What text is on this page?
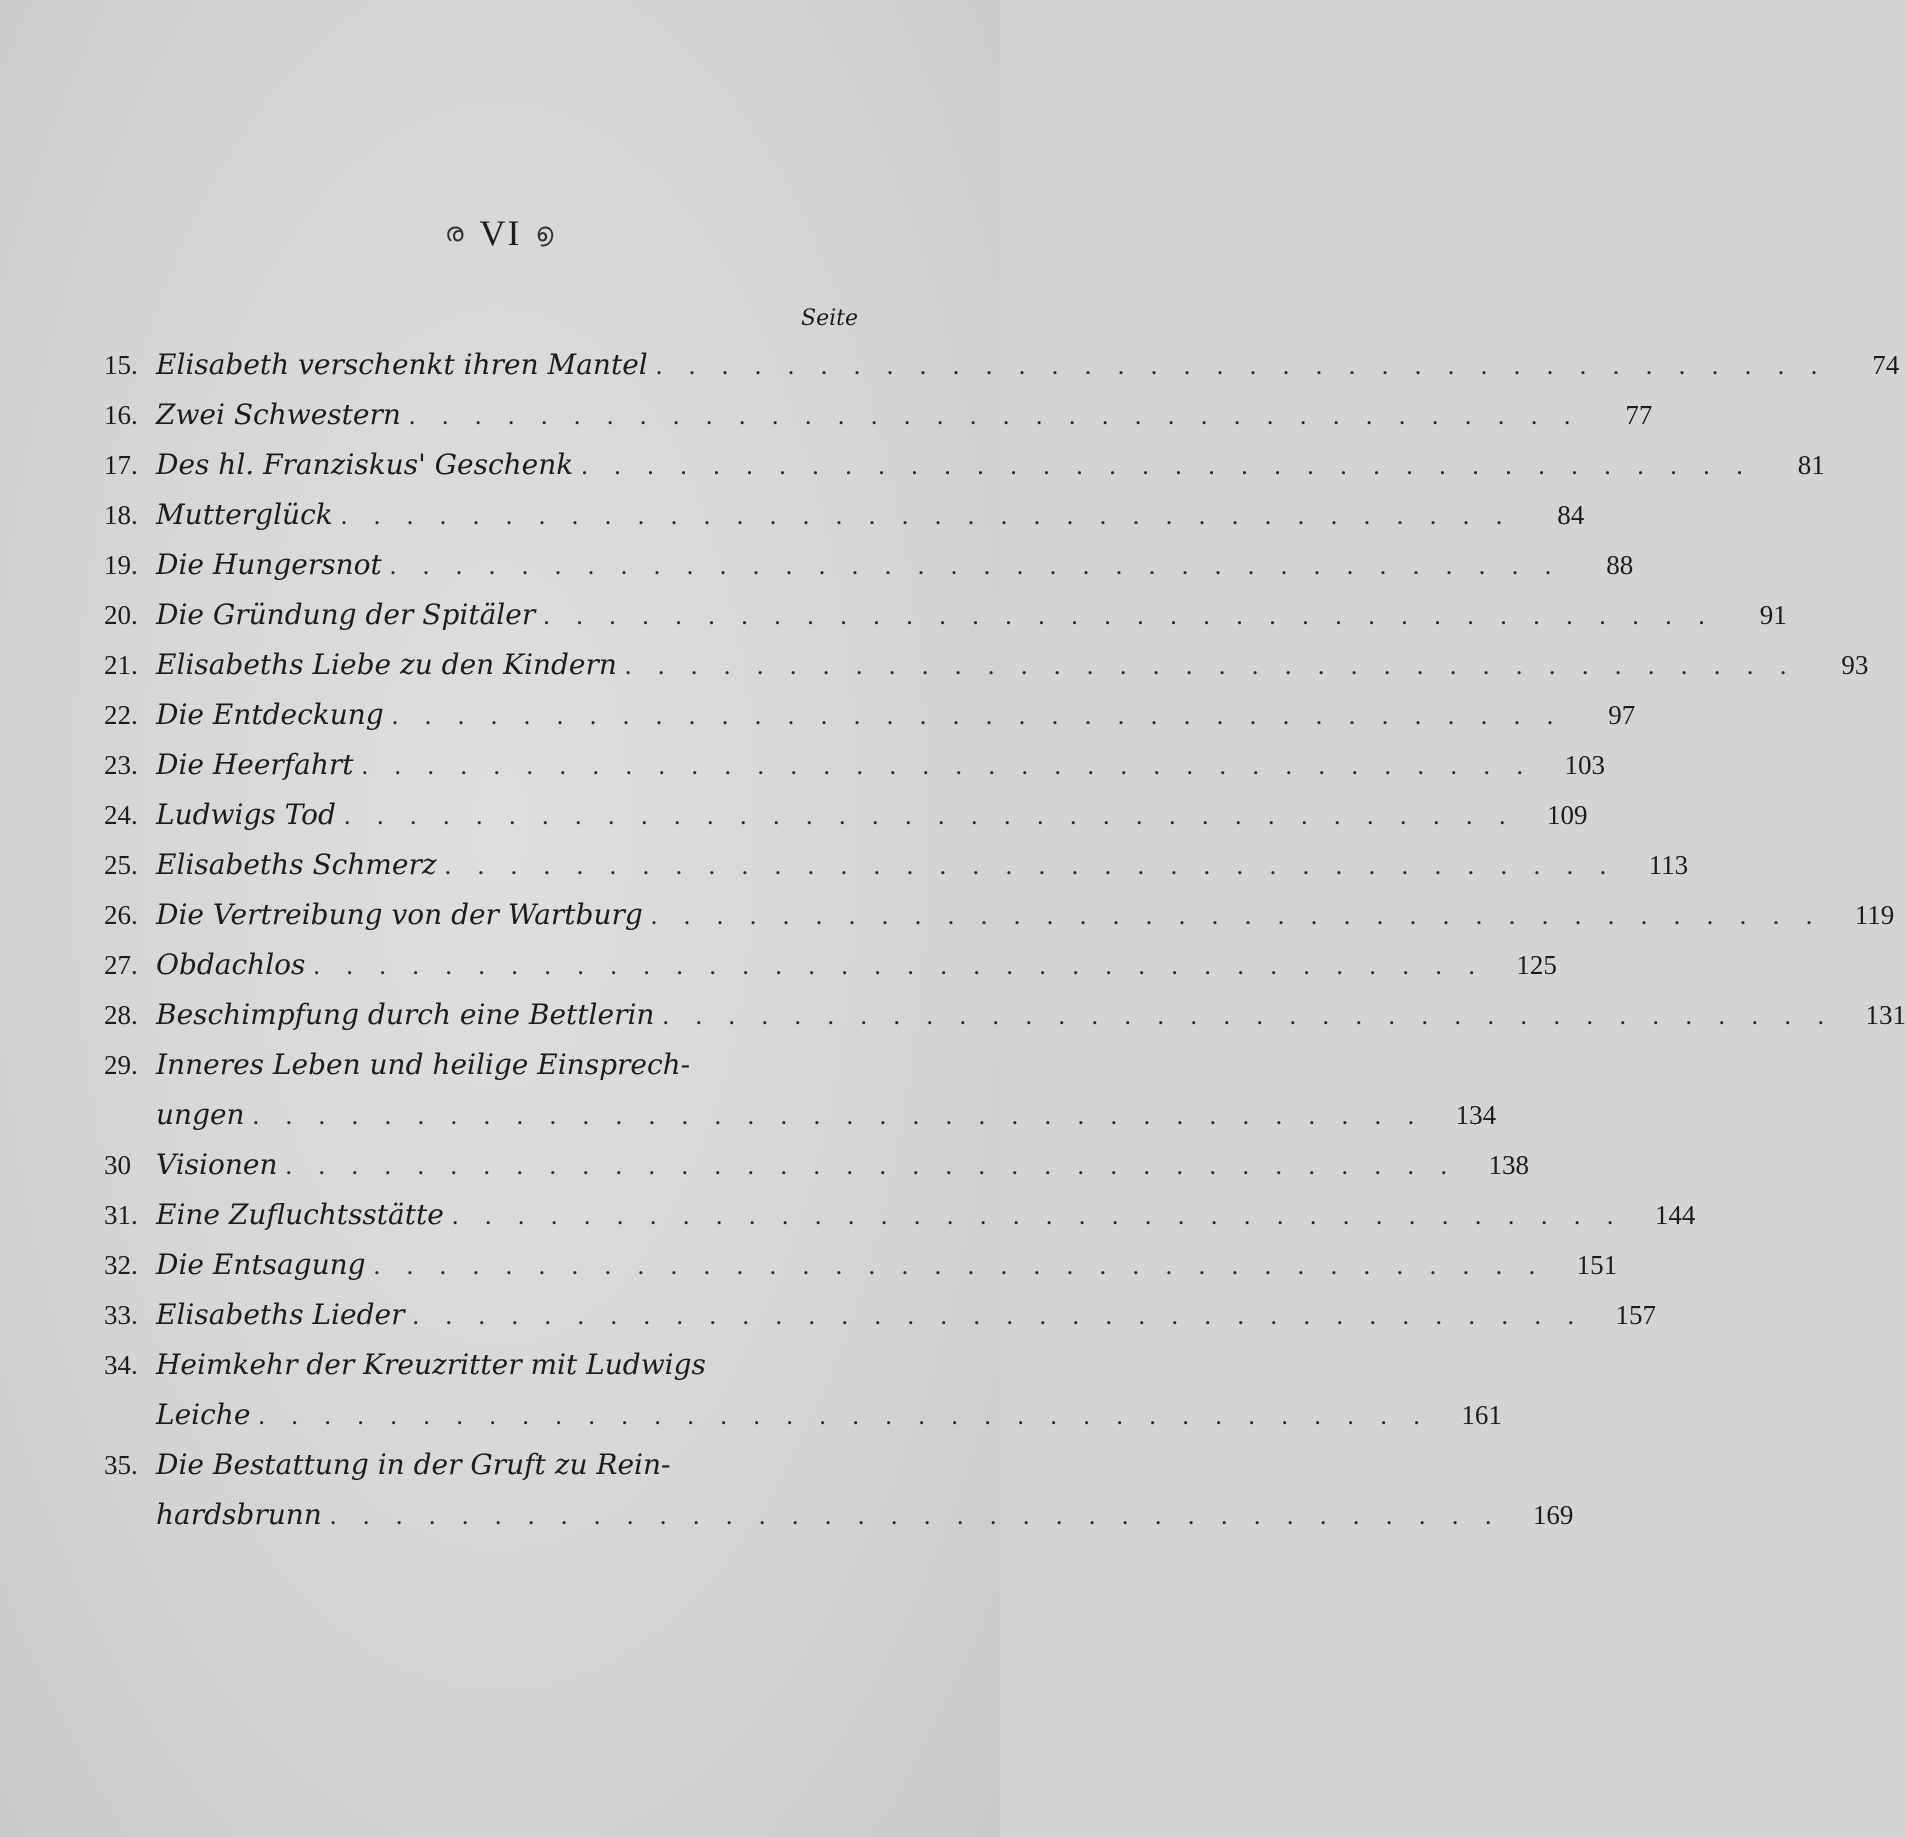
ര VI ൭
Seite
15. Elisabeth verschenkt ihren Mantel . . . . . . . . . . . . . . . . . . . . . . . . . . . . . . . . . . . .	74
16. Zwei Schwestern . . . . . . . . . . . . . . . . . . . . . . . . . . . . . . . . . . . .	77
17. Des hl. Franziskus' Geschenk . . . . . . . . . . . . . . . . . . . . . . . . . . . . . . . . . . . .	81
18. Mutterglück . . . . . . . . . . . . . . . . . . . . . . . . . . . . . . . . . . . .	84
19. Die Hungersnot . . . . . . . . . . . . . . . . . . . . . . . . . . . . . . . . . . . .	88
20. Die Gründung der Spitäler . . . . . . . . . . . . . . . . . . . . . . . . . . . . . . . . . . . .	91
21. Elisabeths Liebe zu den Kindern . . . . . . . . . . . . . . . . . . . . . . . . . . . . . . . . . . . .	93
22. Die Entdeckung . . . . . . . . . . . . . . . . . . . . . . . . . . . . . . . . . . . .	97
23. Die Heerfahrt . . . . . . . . . . . . . . . . . . . . . . . . . . . . . . . . . . . .	103
24. Ludwigs Tod . . . . . . . . . . . . . . . . . . . . . . . . . . . . . . . . . . . .	109
25. Elisabeths Schmerz . . . . . . . . . . . . . . . . . . . . . . . . . . . . . . . . . . . .	113
26. Die Vertreibung von der Wartburg . . . . . . . . . . . . . . . . . . . . . . . . . . . . . . . . . . . .	119
27. Obdachlos . . . . . . . . . . . . . . . . . . . . . . . . . . . . . . . . . . . .	125
28. Beschimpfung durch eine Bettlerin . . . . . . . . . . . . . . . . . . . . . . . . . . . . . . . . . . . .	131
29. Inneres Leben und heilige Einsprech-
ungen . . . . . . . . . . . . . . . . . . . . . . . . . . . . . . . . . . . .	134
30 Visionen . . . . . . . . . . . . . . . . . . . . . . . . . . . . . . . . . . . .	138
31. Eine Zufluchtsstätte . . . . . . . . . . . . . . . . . . . . . . . . . . . . . . . . . . . .	144
32. Die Entsagung . . . . . . . . . . . . . . . . . . . . . . . . . . . . . . . . . . . .	151
33. Elisabeths Lieder . . . . . . . . . . . . . . . . . . . . . . . . . . . . . . . . . . . .	157
34. Heimkehr der Kreuzritter mit Ludwigs
Leiche . . . . . . . . . . . . . . . . . . . . . . . . . . . . . . . . . . . .	161
35. Die Bestattung in der Gruft zu Rein-
hardsbrunn . . . . . . . . . . . . . . . . . . . . . . . . . . . . . . . . . . . .	169
